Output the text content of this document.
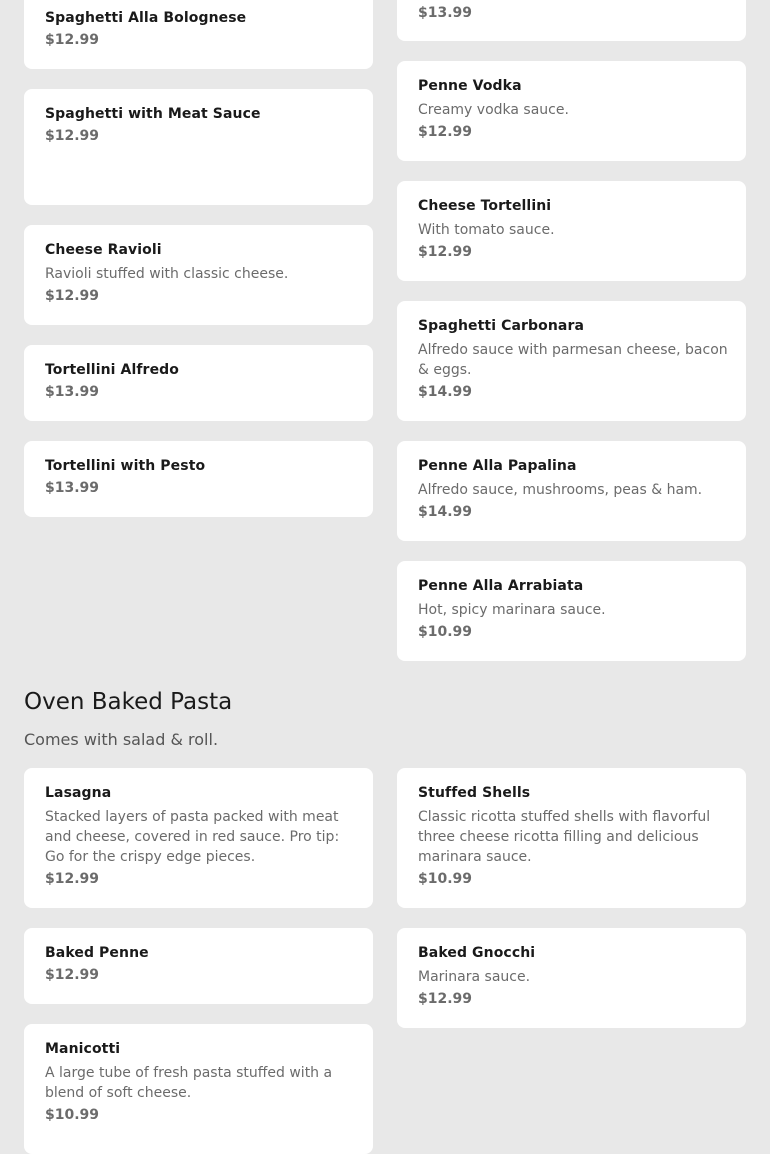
Spaghetti Alla Bolognese
$12.99
Spaghetti with Meat Sauce
$12.99
Cheese Ravioli
Ravioli stuffed with classic cheese.
$12.99
Tortellini Alfredo
$13.99
Tortellini with Pesto
$13.99
$13.99
Penne Vodka
Creamy vodka sauce.
$12.99
Cheese Tortellini
With tomato sauce.
$12.99
Spaghetti Carbonara
Alfredo sauce with parmesan cheese, bacon & eggs.
$14.99
Penne Alla Papalina
Alfredo sauce, mushrooms, peas & ham.
$14.99
Penne Alla Arrabiata
Hot, spicy marinara sauce.
$10.99
Oven Baked Pasta
Comes with salad & roll.
Lasagna
Stacked layers of pasta packed with meat and cheese, covered in red sauce. Pro tip: Go for the crispy edge pieces.
$12.99
Baked Penne
$12.99
Manicotti
A large tube of fresh pasta stuffed with a blend of soft cheese.
$10.99
Stuffed Shells
Classic ricotta stuffed shells with flavorful three cheese ricotta filling and delicious marinara sauce.
$10.99
Baked Gnocchi
Marinara sauce.
$12.99
